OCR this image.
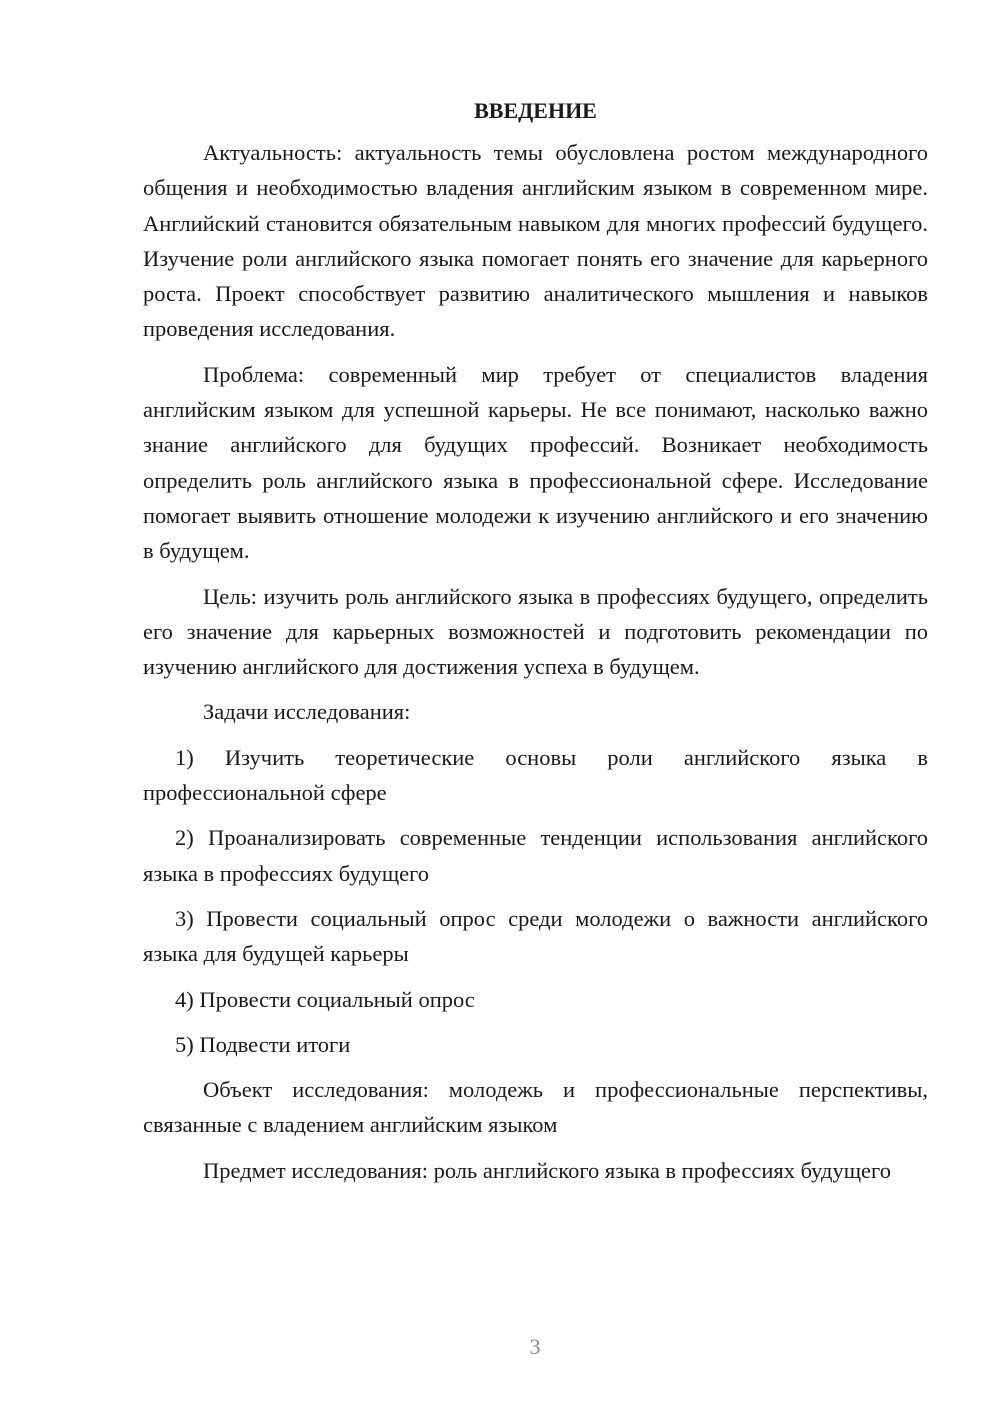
ВВЕДЕНИЕ

Актуальность: актуальность темы обусловлена ростом международного общения и необходимостью владения английским языком в современном мире. Английский становится обязательным навыком для многих профессий будущего. Изучение роли английского языка помогает понять его значение для карьерного роста. Проект способствует развитию аналитического мышления и навыков проведения исследования.

Проблема: современный мир требует от специалистов владения английским языком для успешной карьеры. Не все понимают, насколько важно знание английского для будущих профессий. Возникает необходимость определить роль английского языка в профессиональной сфере. Исследование помогает выявить отношение молодежи к изучению английского и его значению в будущем.

Цель: изучить роль английского языка в профессиях будущего, определить его значение для карьерных возможностей и подготовить рекомендации по изучению английского для достижения успеха в будущем.

Задачи исследования:

1) Изучить теоретические основы роли английского языка в профессиональной сфере

2) Проанализировать современные тенденции использования английского языка в профессиях будущего

3) Провести социальный опрос среди молодежи о важности английского языка для будущей карьеры

4) Провести социальный опрос

5) Подвести итоги

Объект исследования: молодежь и профессиональные перспективы, связанные с владением английским языком

Предмет исследования: роль английского языка в профессиях будущего

3
